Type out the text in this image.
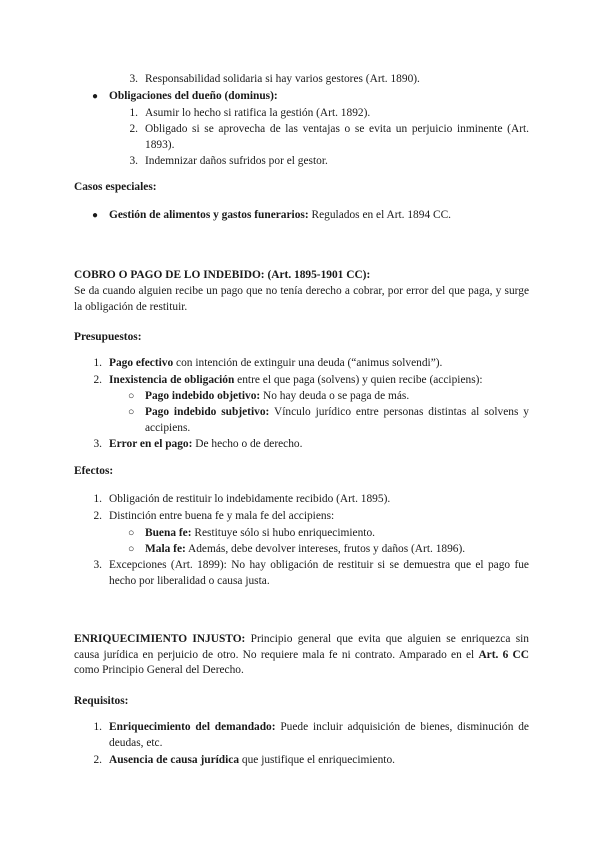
3. Responsabilidad solidaria si hay varios gestores (Art. 1890).
● Obligaciones del dueño (dominus):
1. Asumir lo hecho si ratifica la gestión (Art. 1892).
2. Obligado si se aprovecha de las ventajas o se evita un perjuicio inminente (Art. 1893).
3. Indemnizar daños sufridos por el gestor.
Casos especiales:
● Gestión de alimentos y gastos funerarios: Regulados en el Art. 1894 CC.
COBRO O PAGO DE LO INDEBIDO: (Art. 1895-1901 CC):
Se da cuando alguien recibe un pago que no tenía derecho a cobrar, por error del que paga, y surge la obligación de restituir.
Presupuestos:
1. Pago efectivo con intención de extinguir una deuda (“animus solvendi”).
2. Inexistencia de obligación entre el que paga (solvens) y quien recibe (accipiens):
○ Pago indebido objetivo: No hay deuda o se paga de más.
○ Pago indebido subjetivo: Vínculo jurídico entre personas distintas al solvens y accipiens.
3. Error en el pago: De hecho o de derecho.
Efectos:
1. Obligación de restituir lo indebidamente recibido (Art. 1895).
2. Distinción entre buena fe y mala fe del accipiens:
○ Buena fe: Restituye sólo si hubo enriquecimiento.
○ Mala fe: Además, debe devolver intereses, frutos y daños (Art. 1896).
3. Excepciones (Art. 1899): No hay obligación de restituir si se demuestra que el pago fue hecho por liberalidad o causa justa.
ENRIQUECIMIENTO INJUSTO: Principio general que evita que alguien se enriquezca sin causa jurídica en perjuicio de otro. No requiere mala fe ni contrato. Amparado en el Art. 6 CC como Principio General del Derecho.
Requisitos:
1. Enriquecimiento del demandado: Puede incluir adquisición de bienes, disminución de deudas, etc.
2. Ausencia de causa jurídica que justifique el enriquecimiento.
